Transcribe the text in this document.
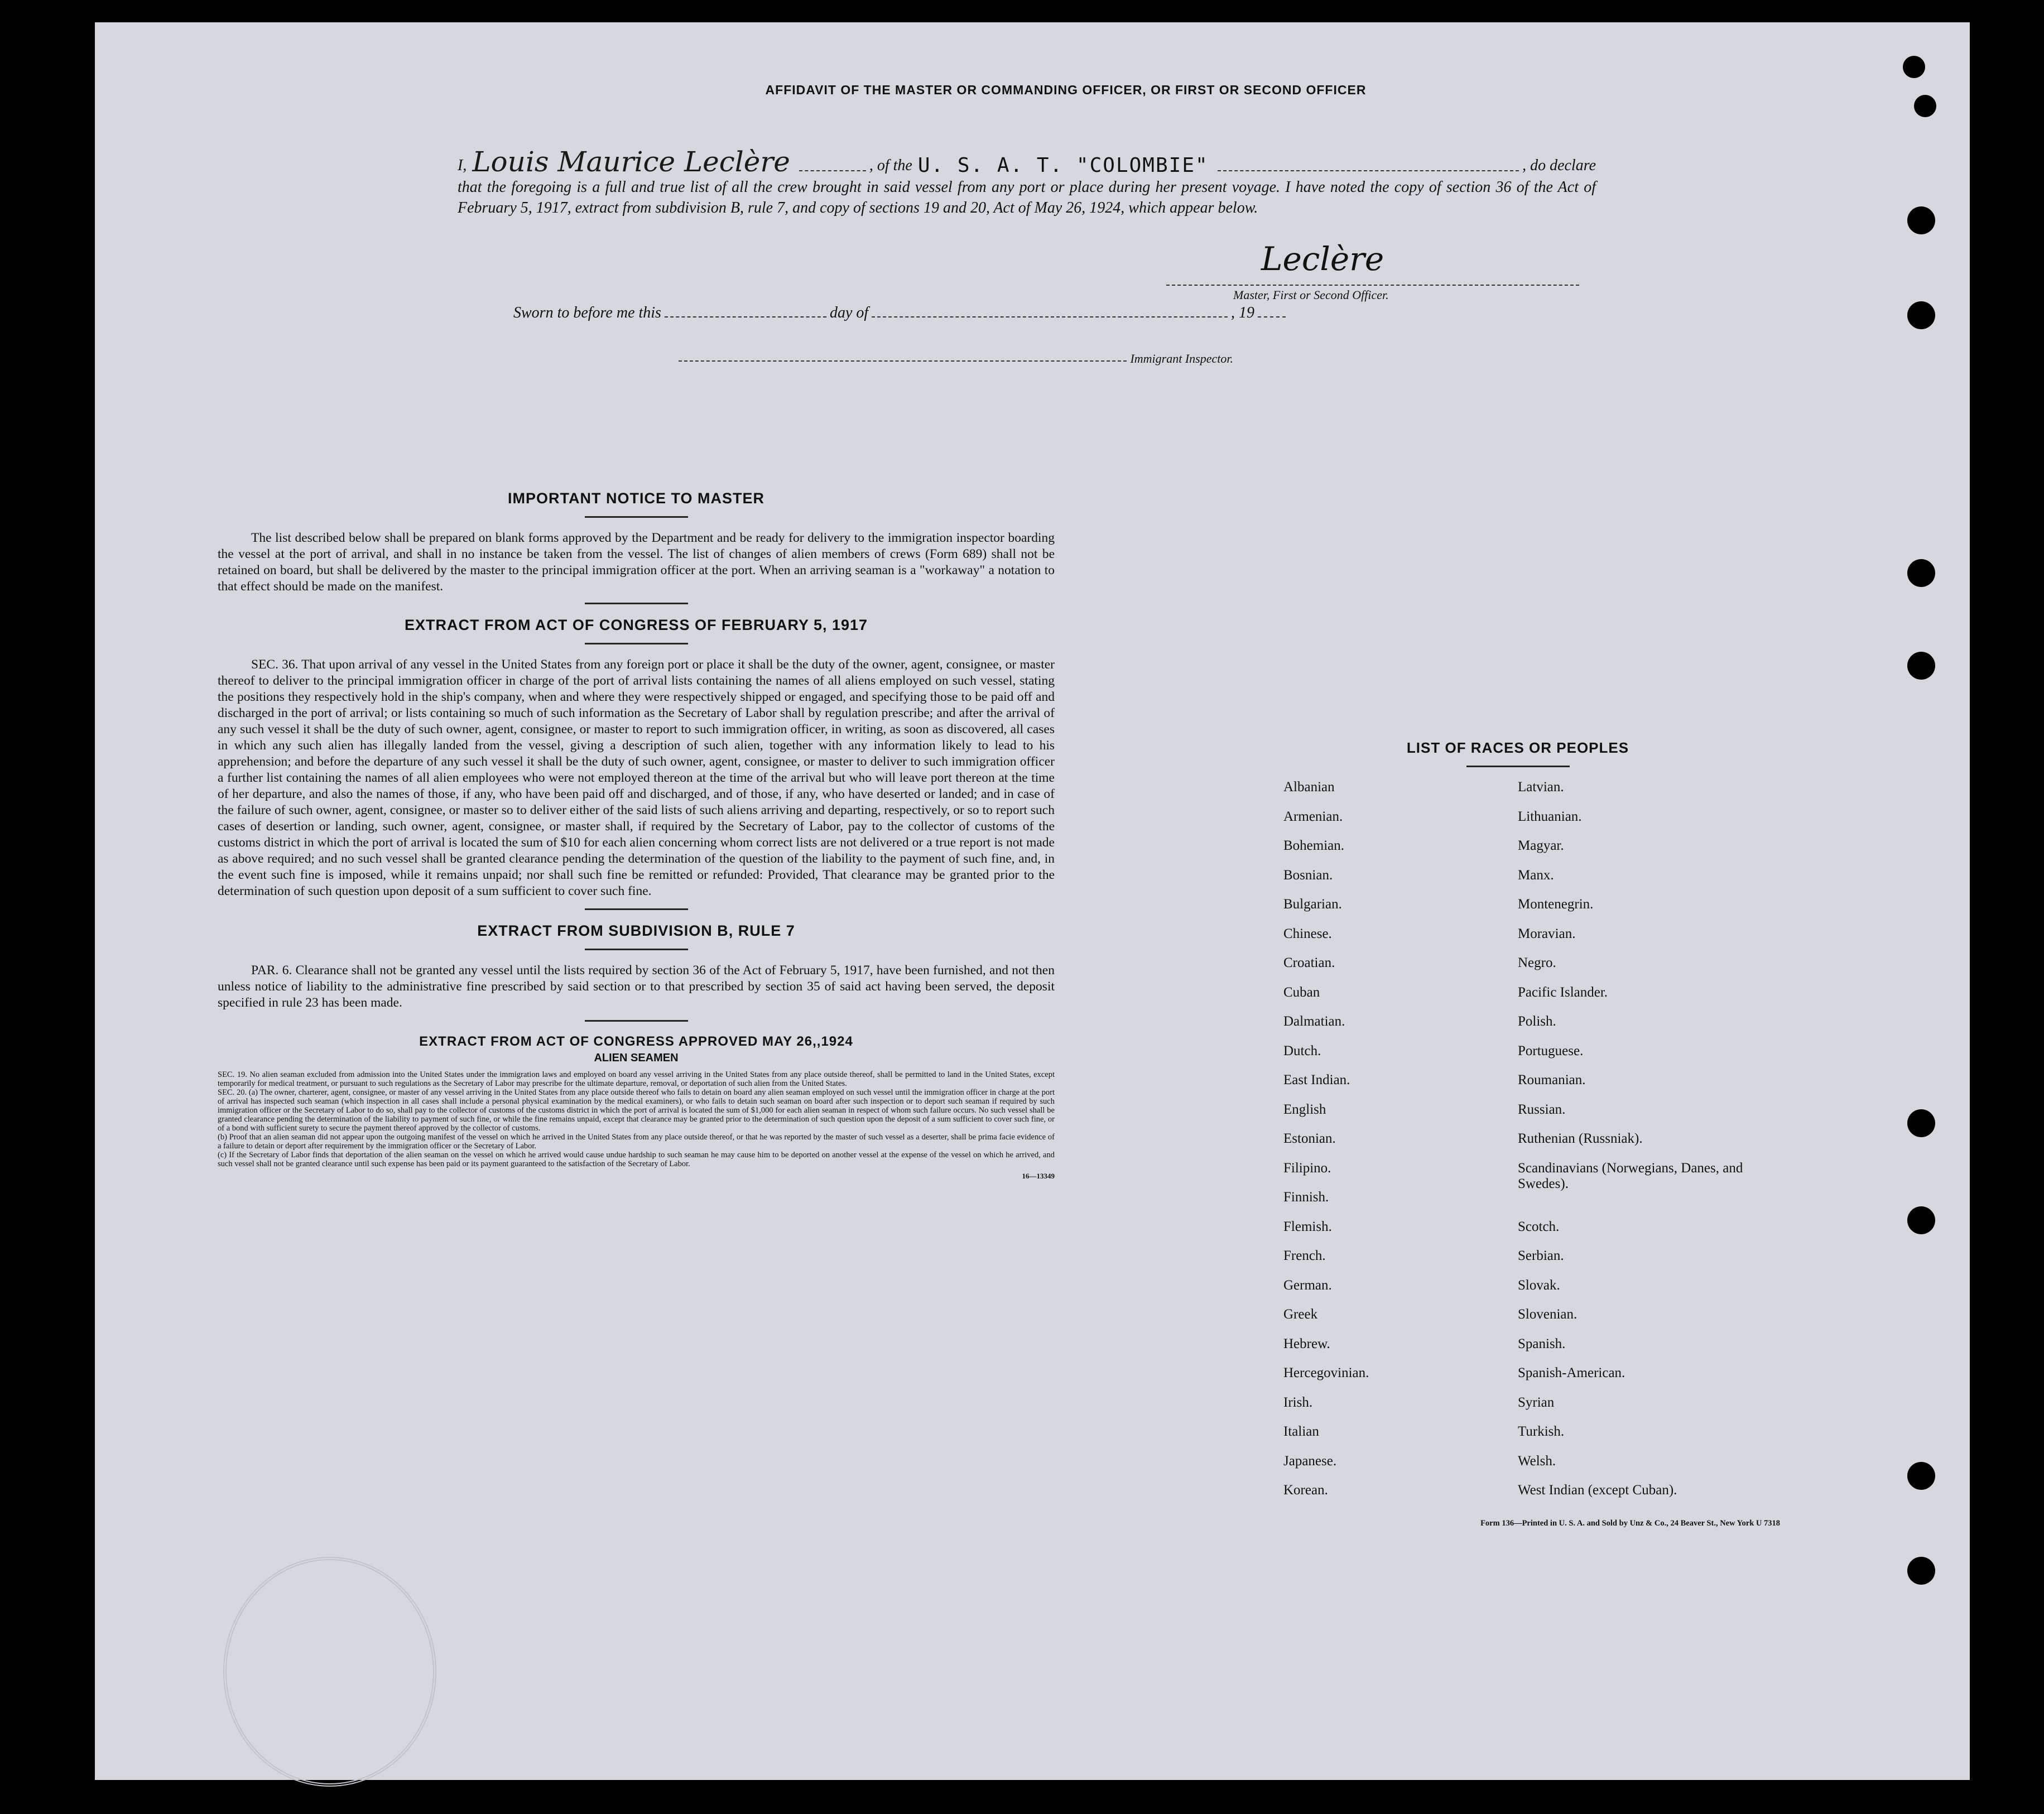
AFFIDAVIT OF THE MASTER OR COMMANDING OFFICER, OR FIRST OR SECOND OFFICER
I, Louis Maurice Leclère	, of the U. S. A. T. "COLOMBIE"	, do declare
that the foregoing is a full and true list of all the crew brought in said vessel from any port or place during her present voyage. I have noted the copy of section 36 of the Act of February 5, 1917, extract from subdivision B, rule 7, and copy of sections 19 and 20, Act of May 26, 1924, which appear below.
Leclère
Master, First or Second Officer.
Sworn to before me this	day of	, 19
Immigrant Inspector.
IMPORTANT NOTICE TO MASTER

The list described below shall be prepared on blank forms approved by the Department and be ready for delivery to the immigration inspector boarding the vessel at the port of arrival, and shall in no instance be taken from the vessel. The list of changes of alien members of crews (Form 689) shall not be retained on board, but shall be delivered by the master to the principal immigration officer at the port. When an arriving seaman is a "workaway" a notation to that effect should be made on the manifest.

EXTRACT FROM ACT OF CONGRESS OF FEBRUARY 5, 1917

SEC. 36. That upon arrival of any vessel in the United States from any foreign port or place it shall be the duty of the owner, agent, consignee, or master thereof to deliver to the principal immigration officer in charge of the port of arrival lists containing the names of all aliens employed on such vessel, stating the positions they respectively hold in the ship's company, when and where they were respectively shipped or engaged, and specifying those to be paid off and discharged in the port of arrival; or lists containing so much of such information as the Secretary of Labor shall by regulation prescribe; and after the arrival of any such vessel it shall be the duty of such owner, agent, consignee, or master to report to such immigration officer, in writing, as soon as discovered, all cases in which any such alien has illegally landed from the vessel, giving a description of such alien, together with any information likely to lead to his apprehension; and before the departure of any such vessel it shall be the duty of such owner, agent, consignee, or master to deliver to such immigration officer a further list containing the names of all alien employees who were not employed thereon at the time of the arrival but who will leave port thereon at the time of her departure, and also the names of those, if any, who have been paid off and discharged, and of those, if any, who have deserted or landed; and in case of the failure of such owner, agent, consignee, or master so to deliver either of the said lists of such aliens arriving and departing, respectively, or so to report such cases of desertion or landing, such owner, agent, consignee, or master shall, if required by the Secretary of Labor, pay to the collector of customs of the customs district in which the port of arrival is located the sum of $10 for each alien concerning whom correct lists are not delivered or a true report is not made as above required; and no such vessel shall be granted clearance pending the determination of the question of the liability to the payment of such fine, and, in the event such fine is imposed, while it remains unpaid; nor shall such fine be remitted or refunded: Provided, That clearance may be granted prior to the determination of such question upon deposit of a sum sufficient to cover such fine.

EXTRACT FROM SUBDIVISION B, RULE 7

PAR. 6. Clearance shall not be granted any vessel until the lists required by section 36 of the Act of February 5, 1917, have been furnished, and not then unless notice of liability to the administrative fine prescribed by said section or to that prescribed by section 35 of said act having been served, the deposit specified in rule 23 has been made.

EXTRACT FROM ACT OF CONGRESS APPROVED MAY 26,,1924
ALIEN SEAMEN

SEC. 19. No alien seaman excluded from admission into the United States under the immigration laws and employed on board any vessel arriving in the United States from any place outside thereof, shall be permitted to land in the United States, except temporarily for medical treatment, or pursuant to such regulations as the Secretary of Labor may prescribe for the ultimate departure, removal, or deportation of such alien from the United States.

SEC. 20. (a) The owner, charterer, agent, consignee, or master of any vessel arriving in the United States from any place outside thereof who fails to detain on board any alien seaman employed on such vessel until the immigration officer in charge at the port of arrival has inspected such seaman (which inspection in all cases shall include a personal physical examination by the medical examiners), or who fails to detain such seaman on board after such inspection or to deport such seaman if required by such immigration officer or the Secretary of Labor to do so, shall pay to the collector of customs of the customs district in which the port of arrival is located the sum of $1,000 for each alien seaman in respect of whom such failure occurs. No such vessel shall be granted clearance pending the determination of the liability to payment of such fine, or while the fine remains unpaid, except that clearance may be granted prior to the determination of such question upon the deposit of a sum sufficient to cover such fine, or of a bond with sufficient surety to secure the payment thereof approved by the collector of customs.

(b) Proof that an alien seaman did not appear upon the outgoing manifest of the vessel on which he arrived in the United States from any place outside thereof, or that he was reported by the master of such vessel as a deserter, shall be prima facie evidence of a failure to detain or deport after requirement by the immigration officer or the Secretary of Labor.

(c) If the Secretary of Labor finds that deportation of the alien seaman on the vessel on which he arrived would cause undue hardship to such seaman he may cause him to be deported on another vessel at the expense of the vessel on which he arrived, and such vessel shall not be granted clearance until such expense has been paid or its payment guaranteed to the satisfaction of the Secretary of Labor.

16—13349
LIST OF RACES OR PEOPLES
Albanian	Latvian.
Armenian.	Lithuanian.
Bohemian.	Magyar.
Bosnian.	Manx.
Bulgarian.	Montenegrin.
Chinese.	Moravian.
Croatian.	Negro.
Cuban	Pacific Islander.
Dalmatian.	Polish.
Dutch.	Portuguese.
East Indian.	Roumanian.
English	Russian.
Estonian.	Ruthenian (Russniak).
Filipino.	Scandinavians (Norwegians, Danes, and Swedes).
Finnish.
Flemish.	Scotch.
French.	Serbian.
German.	Slovak.
Greek	Slovenian.
Hebrew.	Spanish.
Hercegovinian.	Spanish-American.
Irish.	Syrian
Italian	Turkish.
Japanese.	Welsh.
Korean.	West Indian (except Cuban).
Form 136—Printed in U. S. A. and Sold by Unz & Co., 24 Beaver St., New York U 7318
